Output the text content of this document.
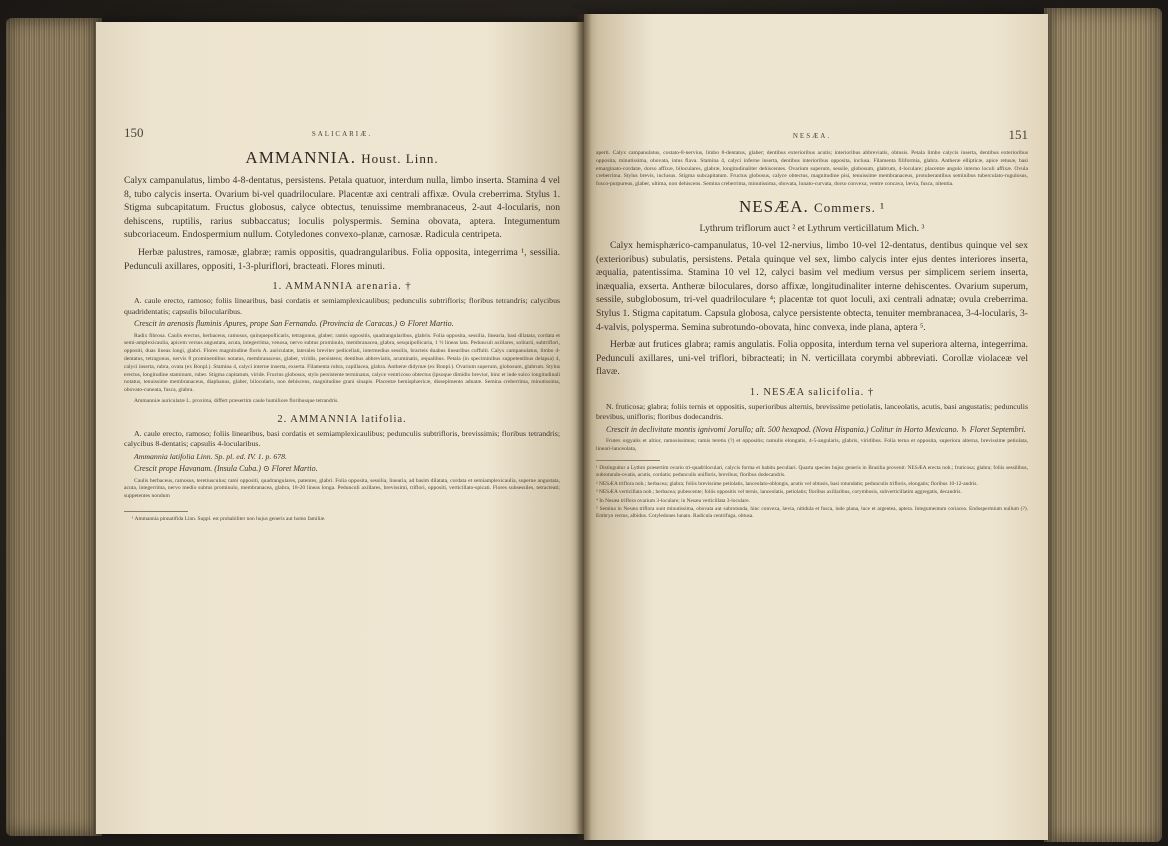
150	SALICARIÆ.
AMMANNIA. Houst. Linn.

Calyx campanulatus, limbo 4-8-dentatus, persistens. Petala quatuor, interdum nulla, limbo inserta. Stamina 4 vel 8, tubo calycis inserta. Ovarium bi-vel quadriloculare. Placentæ axi centrali affixæ. Ovula creberrima. Stylus 1. Stigma subcapitatum. Fructus globosus, calyce obtectus, tenuissime membranaceus, 2-aut 4-locularis, non dehiscens, ruptilis, rarius subbaccatus; loculis polyspermis. Semina obovata, aptera. Integumentum subcoriaceum. Endospermium nullum. Cotyledones convexo-planæ, carnosæ. Radicula centripeta.

Herbæ palustres, ramosæ, glabræ; ramis oppositis, quadrangularibus. Folia opposita, integerrima ¹, sessilia. Pedunculi axillares, oppositi, 1-3-pluriflori, bracteati. Flores minuti.

1. AMMANNIA arenaria. †

A. caule erecto, ramoso; foliis linearibus, basi cordatis et semiamplexicaulibus; pedunculis subtrifloris; floribus tetrandris; calycibus quadridentatis; capsulis bilocularibus.

Crescit in arenosis fluminis Apures, prope San Fernando. (Provincia de Caracas.) ⊙ Floret Martio.

Radix fibrosa. Caulis erectus, herbaceus, ramosus, quinquepollicaris, tetragonus, glaber; ramis oppositis, quadrangularibus, glabris. Folia opposita, sessilia, linearia, basi dilatata, cordata et semi-amplexicaulia, apicem versus angustata, acuta, integerrima, venosa, nervo subtus prominulo, membranacea, glabra, sesquipollicaria, 1 ½ lineas lata. Pedunculi axillares, solitarii, subtriflori, oppositi, duas lineas longi, glabri. Flores magnitudine floris A. auriculatæ, laterales breviter pedicellati, intermedius sessilis, bracteis duabus linearibus cuffulti. Calyx campanulatus, limbo 4-dentatus, tetragonus, nervis 8 prominentibus notatus, membranaceus, glaber, viridis, persistens; dentibus abbreviatis, acuminatis, æqualibus. Petala (in speciminibus suppetentibus delapsa) 4, calyci inserta, rubra, ovata (ex Bonpl.). Stamina 4, calyci interne inserta, exserta. Filamenta rubra, capillacea, glabra. Antheræ didymæ (ex Bonpl.). Ovarium superum, globosum, glabrum. Stylus erectus, longitudine staminum, ruber. Stigma capitatum, viride. Fructus globosus, stylo persistente terminatus, calyce ventricoso obtectus (ipsoque dimidio brevior, hinc et inde sulco longitudinali notatus, tenuissime membranaceus, diaphanus, glaber, bilocularis, non dehiscens, magnitudine grani sinapis. Placentæ hemisphæricæ, dissepimento adnatæ. Semina creberrima, minutissima, obovato-cuneata, fusca, glabra.

Ammanniæ auriculatæ L. proxima, differt præsertim caule humiliore floribusque tetrandris.

2. AMMANNIA latifolia.

A. caule erecto, ramoso; foliis linearibus, basi cordatis et semiamplexicaulibus; pedunculis subtrifloris, brevissimis; floribus tetrandris; calycibus 8-dentatis; capsulis 4-locularibus.

Ammannia latifolia Linn. Sp. pl. ed. IV. 1. p. 678.

Crescit prope Havanam. (Insula Cuba.) ⊙ Floret Martio.

Caulis herbaceus, ramosus, teretiusculus; rami oppositi, quadrangulares, patentes, glabri. Folia opposita, sessilia, linearia, ad basim dilatata, cordata et semiamplexicaulia, superne angustata, acuta, integerrima, nervo medio subtus prominulo, membranacea, glabra, 18-20 lineas longa. Pedunculi axillares, brevissimi, triflori, oppositi, verticillato-spicati. Flores subsessiles, tetracteati; suppetentes nondum

¹ Ammannia pinnatifida Linn. Suppl. est probabiliter non hujus generis aut homo familiæ.

NESÆA.	151

aperti. Calyx campanulatus, costato-8-nervius, limbo 8-dentatus, glaber; dentibus exterioribus acutis; interioribus abbreviatis, obtusis. Petala limbo calycis inserta, dentibus exterioribus opposita, minutissima, obovata, intus flava. Stamina 4, calyci inferne inserta, dentibus interioribus opposita, inclusa. Filamenta filiformia, glabra. Antheræ ellipticæ, apice retusæ, basi emarginato-cordatæ, dorso affixæ, biloculares, glabræ, longitudinaliter dehiscentes. Ovarium superum, sessile, globosum, glabrum, 4-loculare; placentæ angulo interno loculi affixæ. Ovula creberrima. Stylus brevis, inclusus. Stigma subcapitatum. Fructus globosus, calyce obtectus, magnitudine pisi, tenuissime membranaceus, protuberantibus seminibus tuberculato-rugulosus, fusco-purpureus, glaber, ultima, non dehiscens. Semina creberrima, minutissima, obovata, lunato-curvata, dorso convexa, ventre concava, lævia, fusca, nitentia.

NESÆA. Commers. ¹
Lythrum triflorum auct ² et Lythrum verticillatum Mich. ³

Calyx hemisphærico-campanulatus, 10-vel 12-nervius, limbo 10-vel 12-dentatus, dentibus quinque vel sex (exterioribus) subulatis, persistens. Petala quinque vel sex, limbo calycis inter ejus dentes interiores inserta, æqualia, patentissima. Stamina 10 vel 12, calyci basim vel medium versus per simplicem seriem inserta, inæqualia, exserta. Antheræ biloculares, dorso affixæ, longitudinaliter interne dehiscentes. Ovarium superum, sessile, subglobosum, tri-vel quadriloculare ⁴; placentæ tot quot loculi, axi centrali adnatæ; ovula creberrima. Stylus 1. Stigma capitatum. Capsula globosa, calyce persistente obtecta, tenuiter membranacea, 3-4-locularis, 3-4-valvis, polysperma. Semina subrotundo-obovata, hinc convexa, inde plana, aptera ⁵.

Herbæ aut frutices glabra; ramis angulatis. Folia opposita, interdum terna vel superiora alterna, integerrima. Pedunculi axillares, uni-vel triflori, bibracteati; in N. verticillata corymbi abbreviati. Corollæ violaceæ vel flavæ.

1. NESÆA salicifolia. †

N. fruticosa; glabra; foliis ternis et oppositis, superioribus alternis, brevissime petiolatis, lanceolatis, acutis, basi angustatis; pedunculis brevibus, unifloris; floribus dodecandris.

Crescit in declivitate montis ignivomi Jorullo; alt. 500 hexapod. (Nova Hispania.) Colitur in Horto Mexicano. ♄ Floret Septembri.

Frutex orgyalis et altior, ramosissimus; ramis teretis (?) et oppositis; ramulis elongatis, 4-5-angularis, glabris, viridibus. Folia terna et opposita, superiora alterna, brevissime petiolata, lineari-lanceolata,

¹ Distinguitur a Lythro præsertim ovario tri-quadriloculari, calycis forma et habitu peculiari. Quarta species hujus generis in Brasilia provenit: NESÆA erecta nob.; fruticosa; glabra; foliis sessilibus, subrotundo-ovatis, acutis, cordatis; pedunculis unifloris, brevibus; floribus dodecandris.

² NESÆA triflora nob.; herbacea; glabra; foliis brevissime petiolatis, lanceolato-oblongis, acutis vel obtusis, basi rotundatis; pedunculis trifloris, elongatis; floribus 10-12-andris.

³ NESÆA verticillata nob.; herbacea; pubescente; foliis oppositis vel ternis, lanceolatis, petiolatis; floribus axillaribus, corymbosis, subverticillatim aggregatis, decandris.

⁴ In Nesæa triflora ovarium 3-loculare; in Nesæa verticillata 3-loculare.

⁵ Semina in Nesæa triflora sunt minutissima, obovata aut subrotunda, hinc convexa, lævia, nitidula et fusca, inde plana, luce et argentea, aptera. Integumentum coriacea. Endospermium nullum (?). Embryo rectus, albidus. Cotyledones lunato. Radicula centrifuga, obtusa.
